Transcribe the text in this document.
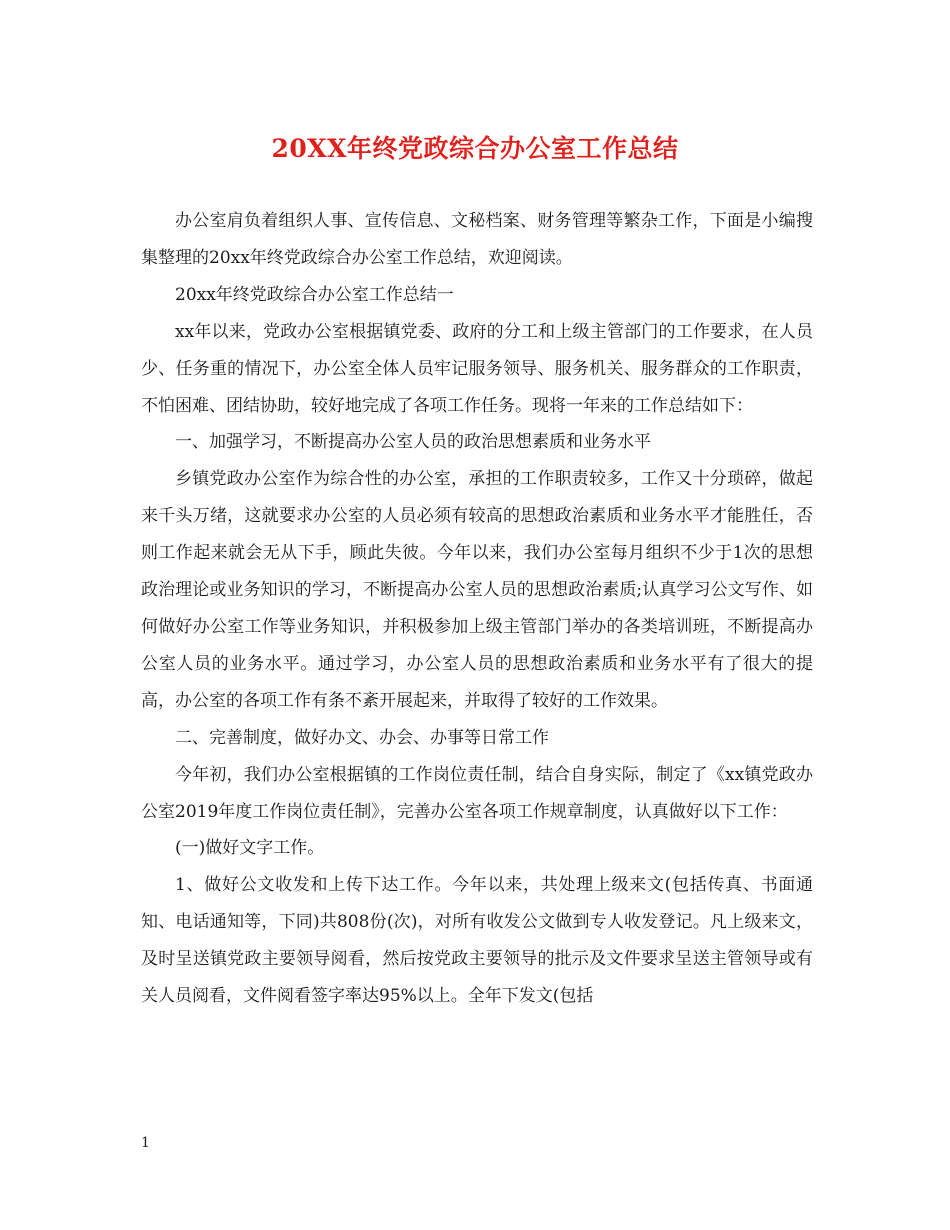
20XX年终党政综合办公室工作总结

办公室肩负着组织人事、宣传信息、文秘档案、财务管理等繁杂工作，下面是小编搜集整理的20xx年终党政综合办公室工作总结，欢迎阅读。

20xx年终党政综合办公室工作总结一

xx年以来，党政办公室根据镇党委、政府的分工和上级主管部门的工作要求，在人员少、任务重的情况下，办公室全体人员牢记服务领导、服务机关、服务群众的工作职责，不怕困难、团结协助，较好地完成了各项工作任务。现将一年来的工作总结如下：

一、加强学习，不断提高办公室人员的政治思想素质和业务水平

乡镇党政办公室作为综合性的办公室，承担的工作职责较多，工作又十分琐碎，做起来千头万绪，这就要求办公室的人员必须有较高的思想政治素质和业务水平才能胜任，否则工作起来就会无从下手，顾此失彼。今年以来，我们办公室每月组织不少于1次的思想政治理论或业务知识的学习，不断提高办公室人员的思想政治素质;认真学习公文写作、如何做好办公室工作等业务知识，并积极参加上级主管部门举办的各类培训班，不断提高办公室人员的业务水平。通过学习，办公室人员的思想政治素质和业务水平有了很大的提高，办公室的各项工作有条不紊开展起来，并取得了较好的工作效果。

二、完善制度，做好办文、办会、办事等日常工作

今年初，我们办公室根据镇的工作岗位责任制，结合自身实际，制定了《xx镇党政办公室2019年度工作岗位责任制》，完善办公室各项工作规章制度，认真做好以下工作：

(一)做好文字工作。

1、做好公文收发和上传下达工作。今年以来，共处理上级来文(包括传真、书面通知、电话通知等，下同)共808份(次)，对所有收发公文做到专人收发登记。凡上级来文，及时呈送镇党政主要领导阅看，然后按党政主要领导的批示及文件要求呈送主管领导或有关人员阅看，文件阅看签字率达95%以上。全年下发文(包括

1
